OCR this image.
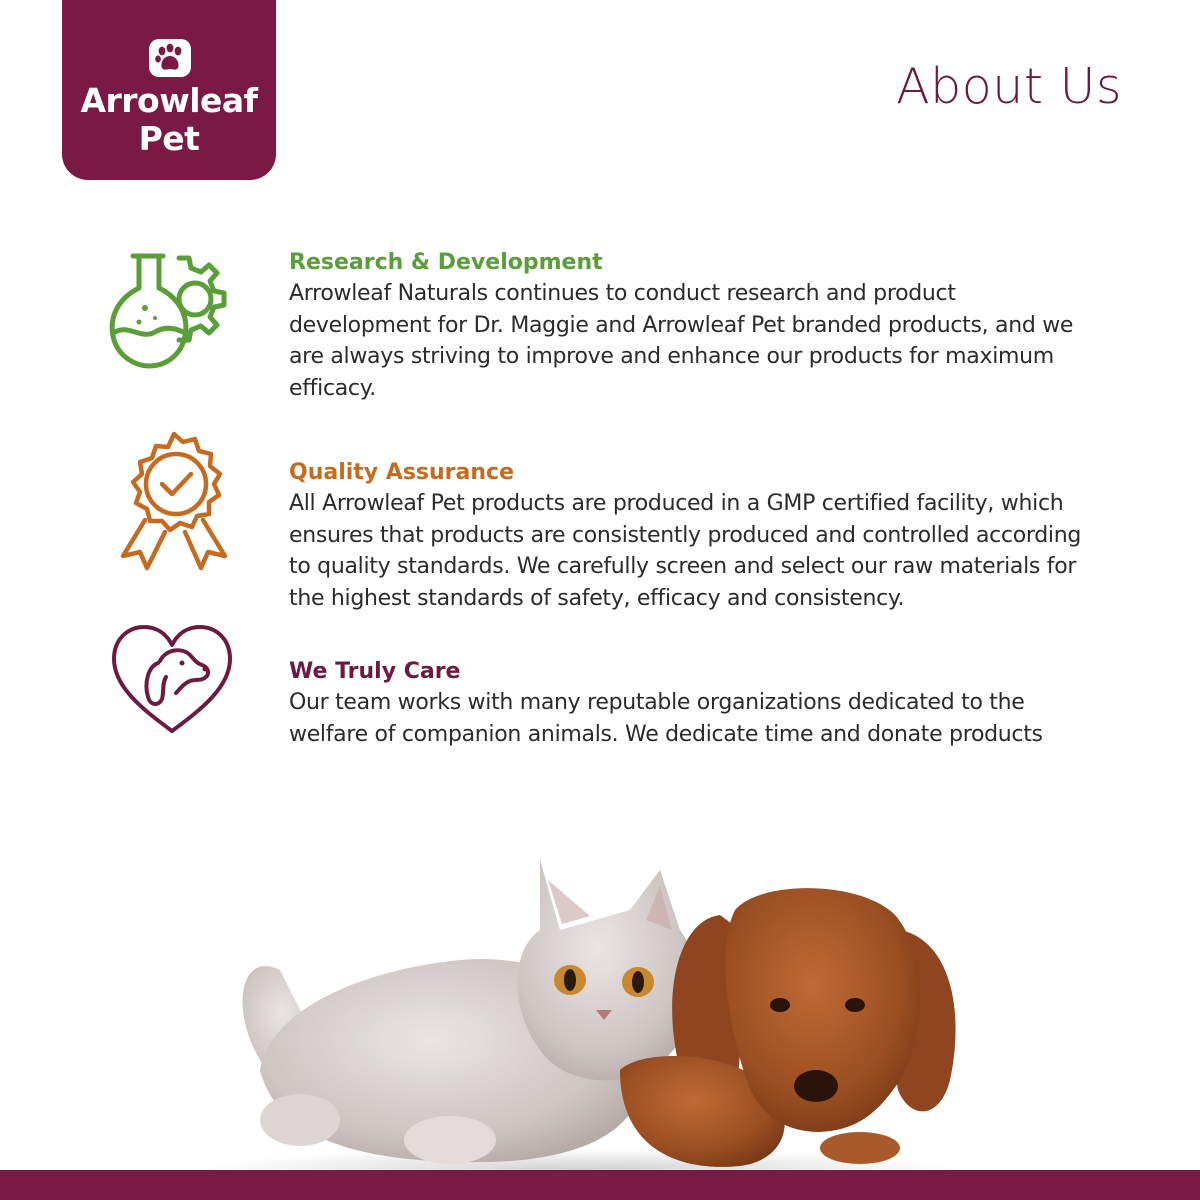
Arrowleaf
Pet
About Us
Research & Development

Arrowleaf Naturals continues to conduct research and product development for Dr. Maggie and Arrowleaf Pet branded products, and we are always striving to improve and enhance our products for maximum efficacy.

Quality Assurance

All Arrowleaf Pet products are produced in a GMP certified facility, which ensures that products are consistently produced and controlled according to quality standards. We carefully screen and select our raw materials for the highest standards of safety, efficacy and consistency.

We Truly Care

Our team works with many reputable organizations dedicated to the welfare of companion animals. We dedicate time and donate products
